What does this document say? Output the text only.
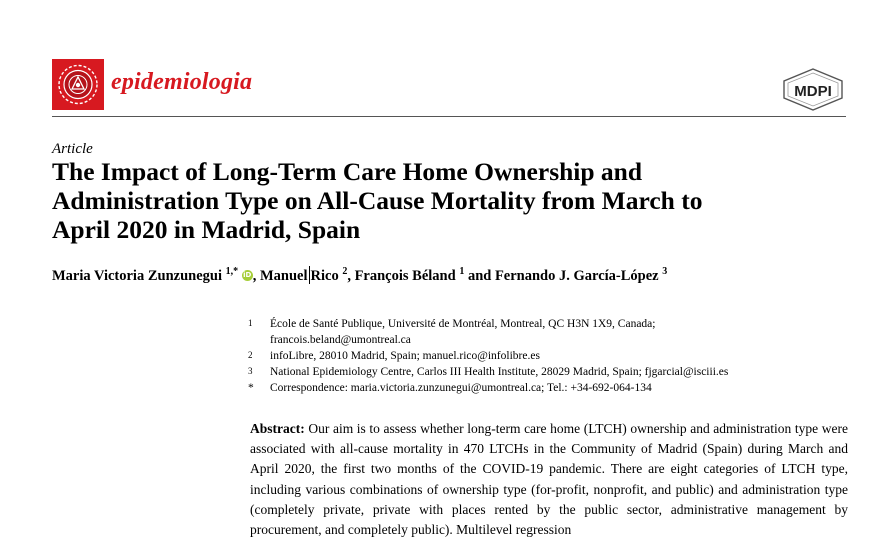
epidemiologia	MDPI
Article
The Impact of Long-Term Care Home Ownership and
Administration Type on All-Cause Mortality from March to
April 2020 in Madrid, Spain
Maria Victoria Zunzunegui $^{1,*}$ iD, Manuel Rico $^2$, François Béland $^1$ and Fernando J. García-López $^3$
1	École de Santé Publique, Université de Montréal, Montreal, QC H3N 1X9, Canada;
francois.beland@umontreal.ca
2	infoLibre, 28010 Madrid, Spain; manuel.rico@infolibre.es
3	National Epidemiology Centre, Carlos III Health Institute, 28029 Madrid, Spain; fjgarcial@isciii.es
*	Correspondence: maria.victoria.zunzunegui@umontreal.ca; Tel.: +34-692-064-134

Abstract: Our aim is to assess whether long-term care home (LTCH) ownership and administration type were associated with all-cause mortality in 470 LTCHs in the Community of Madrid (Spain) during March and April 2020, the first two months of the COVID-19 pandemic. There are eight categories of LTCH type, including various combinations of ownership type (for-profit, nonprofit, and public) and administration type (completely private, private with places rented by the public sector, administrative management by procurement, and completely public). Multilevel regression
